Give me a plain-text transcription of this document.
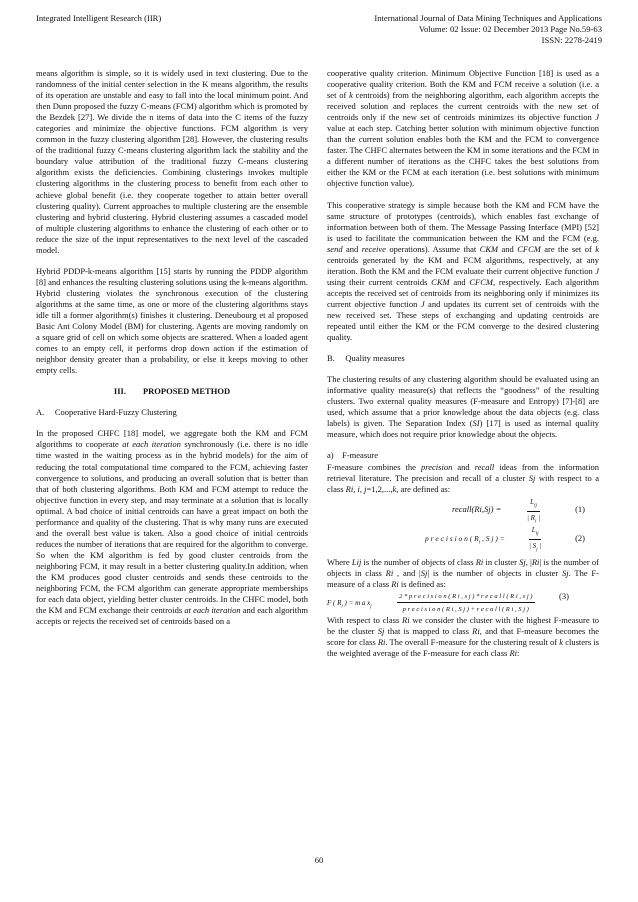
Integrated Intelligent Research (IIR)	International Journal of Data Mining Techniques and Applications
Volume: 02 Issue: 02 December 2013 Page No.59-63
ISSN: 2278-2419

means algorithm is simple, so it is widely used in text clustering. Due to the randomness of the initial center selection in the K means algorithm, the results of its operation are unstable and easy to fall into the local minimum point. And then Dunn proposed the fuzzy C-means (FCM) algorithm which is promoted by the Bezdek [27]. We divide the n items of data into the C items of the fuzzy categories and minimize the objective functions. FCM algorithm is very common in the fuzzy clustering algorithm [28]. However, the clustering results of the traditional fuzzy C-means clustering algorithm lack the stability and the boundary value attribution of the traditional fuzzy C-means clustering algorithm exists the deficiencies. Combining clusterings invokes multiple clustering algorithms in the clustering process to benefit from each other to achieve global benefit (i.e. they cooperate together to attain better overall clustering quality). Current approaches to multiple clustering are the ensemble clustering and hybrid clustering. Hybrid clustering assumes a cascaded model of multiple clustering algorithms to enhance the clustering of each other or to reduce the size of the input representatives to the next level of the cascaded model.

Hybrid PDDP-k-means algorithm [15] starts by running the PDDP algorithm [8] and enhances the resulting clustering solutions using the k-means algorithm. Hybrid clustering violates the synchronous execution of the clustering algorithms at the same time, as one or more of the clustering algorithms stays idle till a former algorithm(s) finishes it clustering. Deneubourg et al proposed Basic Ant Colony Model (BM) for clustering. Agents are moving randomly on a square grid of cell on which some objects are scattered. When a loaded agent comes to an empty cell, it performs drop down action if the estimation of neighbor density greater than a probability, or else it keeps moving to other empty cells.

III.        PROPOSED METHOD
A.     Cooperative Hard-Fuzzy Clustering

In the proposed CHFC [18] model, we aggregate both the KM and FCM algorithms to cooperate at each iteration synchronously (i.e. there is no idle time wasted in the waiting process as in the hybrid models) for the aim of reducing the total computational time compared to the FCM, achieving faster convergence to solutions, and producing an overall solution that is better than that of both clustering algorithms. Both KM and FCM attempt to reduce the objective function in every step, and may terminate at a solution that is locally optimal. A bad choice of initial centroids can have a great impact on both the performance and quality of the clustering. That is why many runs are executed and the overall best value is taken. Also a good choice of initial centroids reduces the number of iterations that are required for the algorithm to converge. So when the KM algorithm is fed by good cluster centroids from the neighboring FCM, it may result in a better clustering quality.In addition, when the KM produces good cluster centroids and sends these centroids to the neighboring FCM, the FCM algorithm can generate appropriate memberships for each data object, yielding better cluster centroids. In the CHFC model, both the KM and FCM exchange their centroids at each iteration and each algorithm accepts or rejects the received set of centroids based on a

cooperative quality criterion. Minimum Objective Function [18] is used as a cooperative quality criterion. Both the KM and FCM receive a solution (i.e. a set of k centroids) from the neighboring algorithm, each algorithm accepts the received solution and replaces the current centroids with the new set of centroids only if the new set of centroids minimizes its objective function J value at each step. Catching better solution with minimum objective function than the current solution enables both the KM and the FCM to convergence faster. The CHFC alternates between the KM in some iterations and the FCM in a different number of iterations as the CHFC takes the best solutions from either the KM or the FCM at each iteration (i.e. best solutions with minimum objective function value).

This cooperative strategy is simple because both the KM and FCM have the same structure of prototypes (centroids), which enables fast exchange of information between both of them. The Message Passing Interface (MPI) [52] is used to facilitate the communication between the KM and the FCM (e.g. send and receive operations). Assume that CKM and CFCM are the set of k centroids generated by the KM and FCM algorithms, respectively, at any iteration. Both the KM and the FCM evaluate their current objective function J using their current centroids CKM and CFCM, respectively. Each algorithm accepts the received set of centroids from its neighboring only if minimizes its current objective function J and updates its current set of centroids with the new received set. These steps of exchanging and updating centroids are repeated until either the KM or the FCM converge to the desired clustering quality.

B.     Quality measures

The clustering results of any clustering algorithm should be evaluated using an informative quality measure(s) that reflects the “goodness” of the resulting clusters. Two external quality measures (F-measure and Entropy) [7]-[8] are used, which assume that a prior knowledge about the data objects (e.g. class labels) is given. The Separation Index (SI) [17] is used as internal quality measure, which does not require prior knowledge about the objects.

a)    F-measure
F-measure combines the precision and recall ideas from the information retrieval literature. The precision and recall of a cluster Sj with respect to a class Ri, i, j=1,2,...,k, are defined as:
recall(Ri,Sj) =
$L_{ij}$
| $R_i$ |
(1)
p r e c i s i o n ( $R_i$ , S j ) =
$L_{ij}$
| $S_j$ |
(2)
Where Lij is the number of objects of class Ri in cluster Sj, |Ri| is the number of objects in class Ri , and |Sj| is the number of objects in cluster Sj. The F-measure of a class Ri is defined as:
F ( $R_i$ ) = m a $x_j$
2 * p r e c i s i o n ( R i , s j ) * r e c a l l ( R i , s j )
p r e c i s i o n ( R i , S j ) + r e c a l l ( R i , S j )
(3)
With respect to class Ri we consider the cluster with the highest F-measure to be the cluster Sj that is mapped to class Ri, and that F-measure becomes the score for class Ri. The overall F-measure for the clustering result of k clusters is the weighted average of the F-measure for each class Ri:
60
